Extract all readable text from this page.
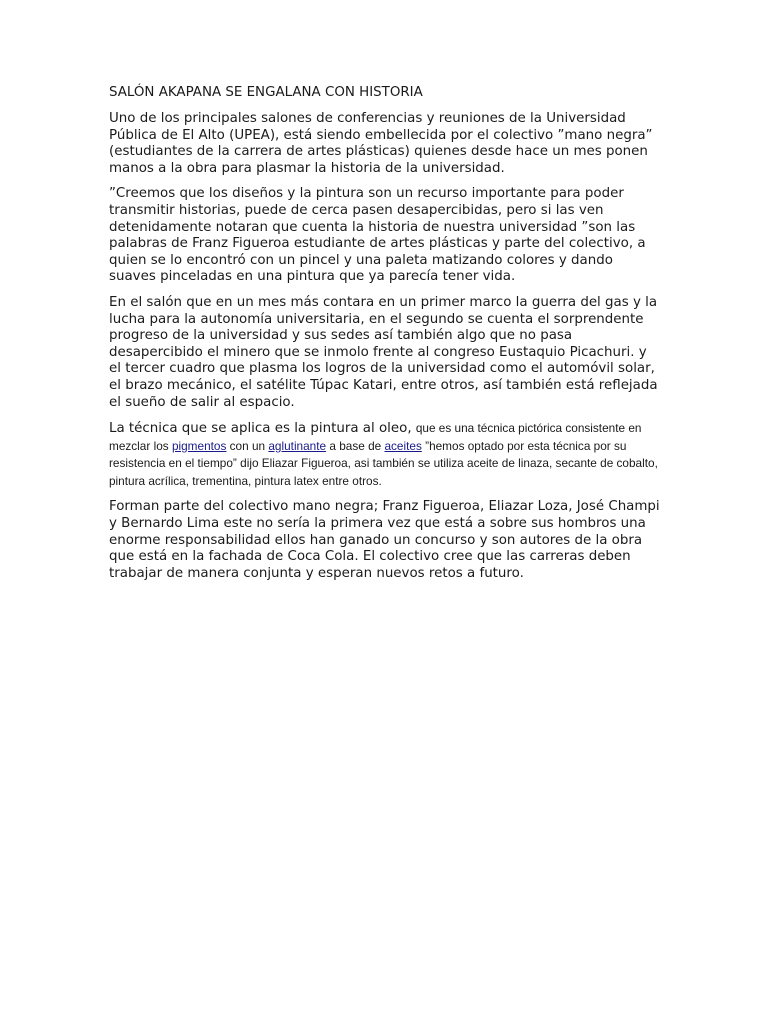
SALÓN AKAPANA SE ENGALANA CON HISTORIA

Uno de los principales salones de conferencias y reuniones de la Universidad Pública de El Alto (UPEA), está siendo embellecida por el colectivo ”mano negra” (estudiantes de la carrera de artes plásticas) quienes desde hace un mes ponen manos a la obra para plasmar la historia de la universidad.

”Creemos que los diseños y la pintura son un recurso importante para poder transmitir historias, puede de cerca pasen desapercibidas, pero si las ven detenidamente notaran que cuenta la historia de nuestra universidad ”son las palabras de Franz Figueroa estudiante de artes plásticas y parte del colectivo, a quien se lo encontró con un pincel y una paleta matizando colores y dando suaves pinceladas en una pintura que ya parecía tener vida.

En el salón que en un mes más contara en un primer marco la guerra del gas y la lucha para la autonomía universitaria, en el segundo se cuenta el sorprendente progreso de la universidad y sus sedes así también algo que no pasa desapercibido el minero que se inmolo frente al congreso Eustaquio Picachuri. y el tercer cuadro que plasma los logros de la universidad como el automóvil solar, el brazo mecánico, el satélite Túpac Katari, entre otros, así también está reflejada el sueño de salir al espacio.

La técnica que se aplica es la pintura al oleo, que es una técnica pictórica consistente en mezclar los pigmentos con un aglutinante a base de aceites ”hemos optado por esta técnica por su resistencia en el tiempo” dijo Eliazar Figueroa, asi también se utiliza aceite de linaza, secante de cobalto, pintura acrílica, trementina, pintura latex entre otros.

Forman parte del colectivo mano negra; Franz Figueroa, Eliazar Loza, José Champi y Bernardo Lima este no sería la primera vez que está a sobre sus hombros una enorme responsabilidad ellos han ganado un concurso y son autores de la obra que está en la fachada de Coca Cola. El colectivo cree que las carreras deben trabajar de manera conjunta y esperan nuevos retos a futuro.
